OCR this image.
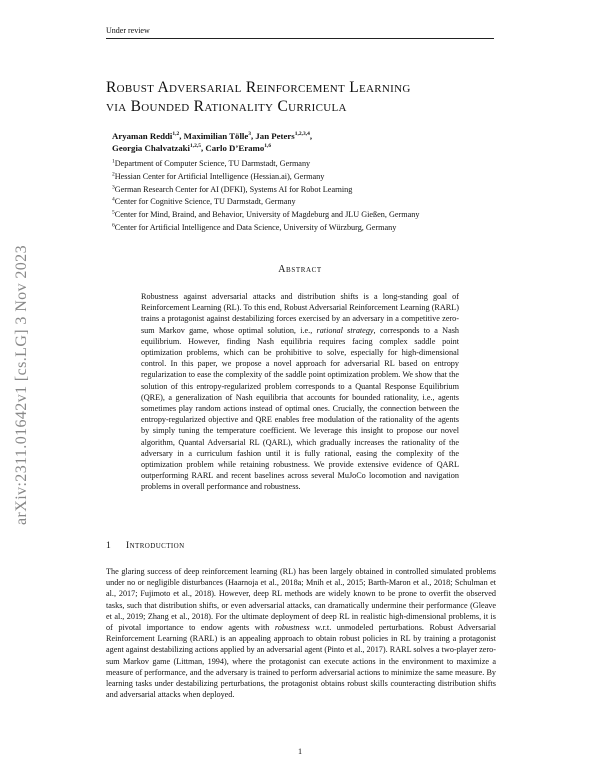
Under review
arXiv:2311.01642v1 [cs.LG] 3 Nov 2023
Robust Adversarial Reinforcement Learning
via Bounded Rationality Curricula
Aryaman Reddi$^{1,2}$, Maximilian Tölle$^3$, Jan Peters$^{1,2,3,4}$,
Georgia Chalvatzaki$^{1,2,5}$, Carlo D’Eramo$^{1,6}$
$^1$Department of Computer Science, TU Darmstadt, Germany
$^2$Hessian Center for Artificial Intelligence (Hessian.ai), Germany
$^3$German Research Center for AI (DFKI), Systems AI for Robot Learning
$^4$Center for Cognitive Science, TU Darmstadt, Germany
$^5$Center for Mind, Braind, and Behavior, University of Magdeburg and JLU Gießen, Germany
$^6$Center for Artificial Intelligence and Data Science, University of Würzburg, Germany
Abstract
Robustness against adversarial attacks and distribution shifts is a long-standing goal of Reinforcement Learning (RL). To this end, Robust Adversarial Reinforcement Learning (RARL) trains a protagonist against destabilizing forces exercised by an adversary in a competitive zero-sum Markov game, whose optimal solution, i.e., rational strategy, corresponds to a Nash equilibrium. However, finding Nash equilibria requires facing complex saddle point optimization problems, which can be prohibitive to solve, especially for high-dimensional control. In this paper, we propose a novel approach for adversarial RL based on entropy regularization to ease the complexity of the saddle point optimization problem. We show that the solution of this entropy-regularized problem corresponds to a Quantal Response Equilibrium (QRE), a generalization of Nash equilibria that accounts for bounded rationality, i.e., agents sometimes play random actions instead of optimal ones. Crucially, the connection between the entropy-regularized objective and QRE enables free modulation of the rationality of the agents by simply tuning the temperature coefficient. We leverage this insight to propose our novel algorithm, Quantal Adversarial RL (QARL), which gradually increases the rationality of the adversary in a curriculum fashion until it is fully rational, easing the complexity of the optimization problem while retaining robustness. We provide extensive evidence of QARL outperforming RARL and recent baselines across several MuJoCo locomotion and navigation problems in overall performance and robustness.
1 Introduction
The glaring success of deep reinforcement learning (RL) has been largely obtained in controlled simulated problems under no or negligible disturbances (Haarnoja et al., 2018a; Mnih et al., 2015; Barth-Maron et al., 2018; Schulman et al., 2017; Fujimoto et al., 2018). However, deep RL methods are widely known to be prone to overfit the observed tasks, such that distribution shifts, or even adversarial attacks, can dramatically undermine their performance (Gleave et al., 2019; Zhang et al., 2018). For the ultimate deployment of deep RL in realistic high-dimensional problems, it is of pivotal importance to endow agents with robustness w.r.t. unmodeled perturbations. Robust Adversarial Reinforcement Learning (RARL) is an appealing approach to obtain robust policies in RL by training a protagonist agent against destabilizing actions applied by an adversarial agent (Pinto et al., 2017). RARL solves a two-player zero-sum Markov game (Littman, 1994), where the protagonist can execute actions in the environment to maximize a measure of performance, and the adversary is trained to perform adversarial actions to minimize the same measure. By learning tasks under destabilizing perturbations, the protagonist obtains robust skills counteracting distribution shifts and adversarial attacks when deployed.
1
